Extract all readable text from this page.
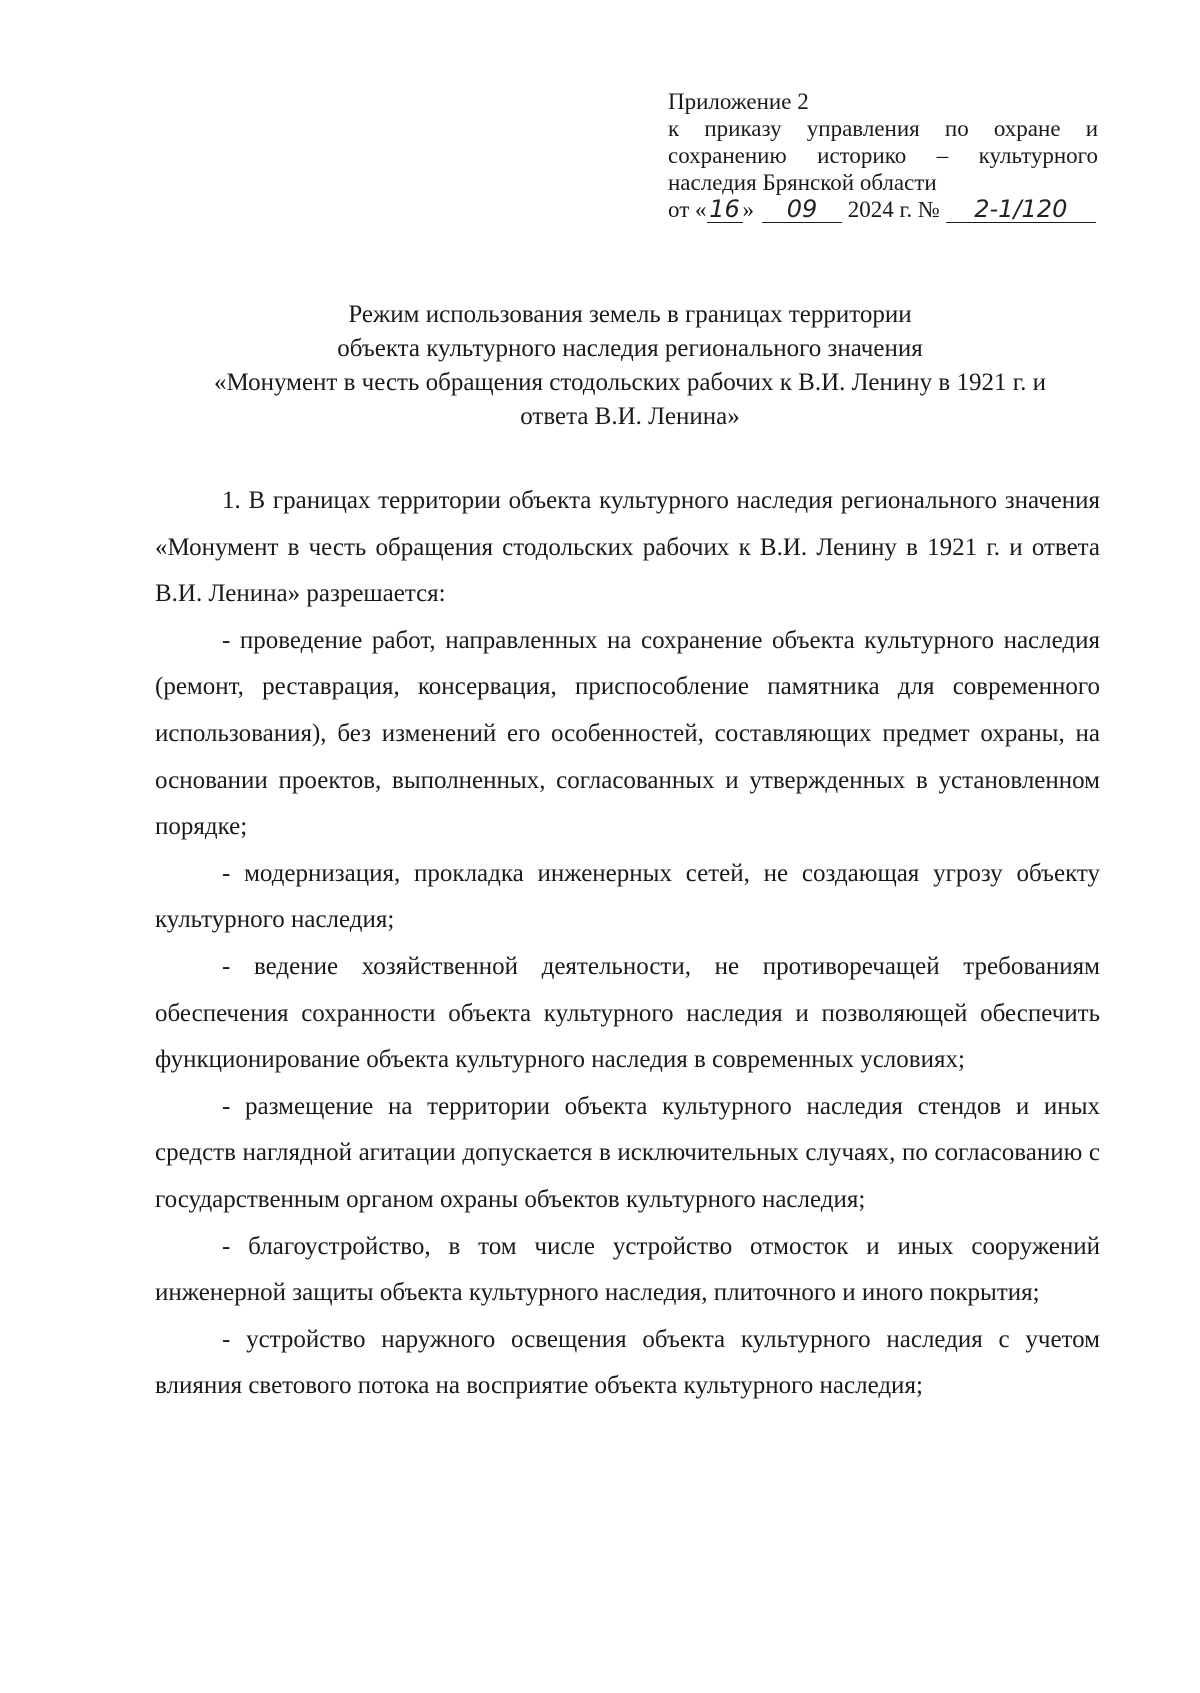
Приложение 2
к приказу управления по охране и
сохранению историко – культурного
наследия Брянской области
от « 16 » 09 2024 г. № 2-1/120
Режим использования земель в границах территории
объекта культурного наследия регионального значения
«Монумент в честь обращения стодольских рабочих к В.И. Ленину в 1921 г. и
ответа В.И. Ленина»

1. В границах территории объекта культурного наследия регионального значения «Монумент в честь обращения стодольских рабочих к В.И. Ленину в 1921 г. и ответа В.И. Ленина» разрешается:

- проведение работ, направленных на сохранение объекта культурного наследия (ремонт, реставрация, консервация, приспособление памятника для современного использования), без изменений его особенностей, составляющих предмет охраны, на основании проектов, выполненных, согласованных и утвержденных в установленном порядке;

- модернизация, прокладка инженерных сетей, не создающая угрозу объекту культурного наследия;

- ведение хозяйственной деятельности, не противоречащей требованиям обеспечения сохранности объекта культурного наследия и позволяющей обеспечить функционирование объекта культурного наследия в современных условиях;

- размещение на территории объекта культурного наследия стендов и иных средств наглядной агитации допускается в исключительных случаях, по согласованию с государственным органом охраны объектов культурного наследия;

- благоустройство, в том числе устройство отмосток и иных сооружений инженерной защиты объекта культурного наследия, плиточного и иного покрытия;

- устройство наружного освещения объекта культурного наследия с учетом влияния светового потока на восприятие объекта культурного наследия;
